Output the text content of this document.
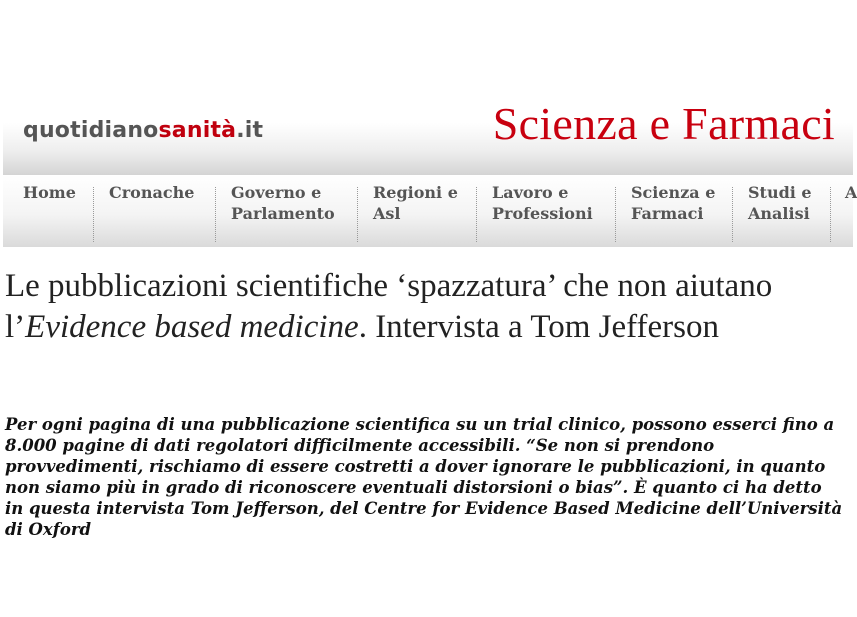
quotidianosanità.it	Scienza e Farmaci
Home Cronache Governo e
Parlamento
Regioni e
Asl
Lavoro e
Professioni
Scienza e
Farmaci
Studi e
Analisi
A
Le pubblicazioni scientifiche ‘spazzatura’ che non aiutano l’Evidence based medicine. Intervista a Tom Jefferson

Per ogni pagina di una pubblicazione scientifica su un trial clinico, possono esserci fino a 8.000 pagine di dati regolatori difficilmente accessibili. “Se non si prendono provvedimenti, rischiamo di essere costretti a dover ignorare le pubblicazioni, in quanto non siamo più in grado di riconoscere eventuali distorsioni o bias”. È quanto ci ha detto in questa intervista Tom Jefferson, del Centre for Evidence Based Medicine dell’Università di Oxford
